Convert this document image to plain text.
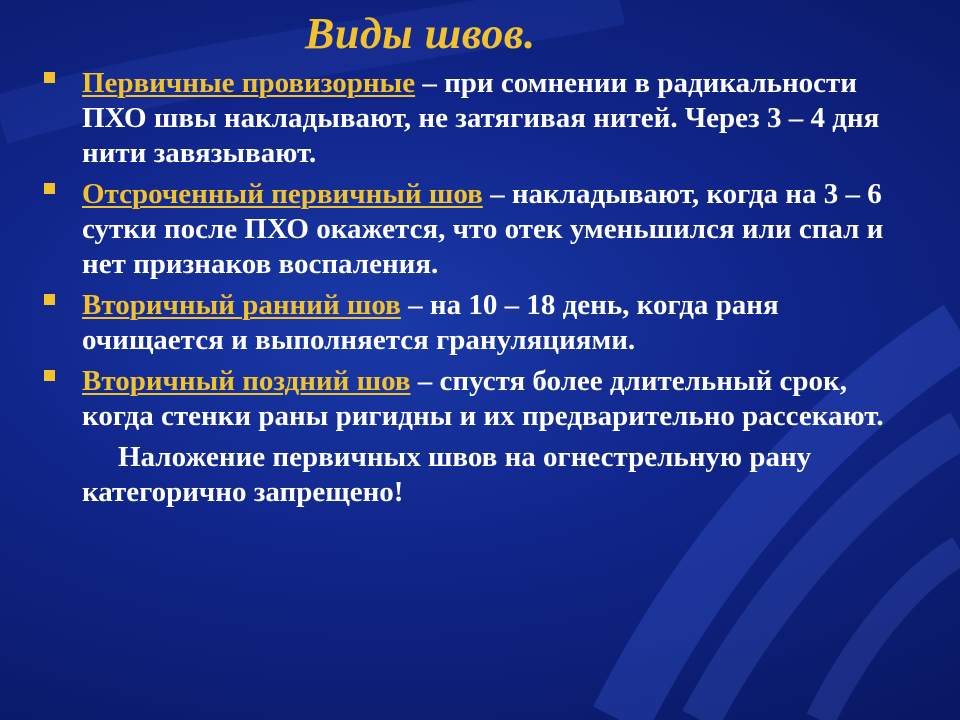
Виды швов.
Первичные провизорные – при сомнении в радикальности ПХО швы накладывают, не затягивая нитей. Через 3 – 4 дня нити завязывают.
Отсроченный первичный шов – накладывают, когда на 3 – 6 сутки после ПХО окажется, что отек уменьшился или спал и нет признаков воспаления.
Вторичный ранний шов – на 10 – 18 день, когда раня очищается и выполняется грануляциями.
Вторичный поздний шов – спустя более длительный срок, когда стенки раны ригидны и их предварительно рассекают.
Наложение первичных швов на огнестрельную рану категорично запрещено!
